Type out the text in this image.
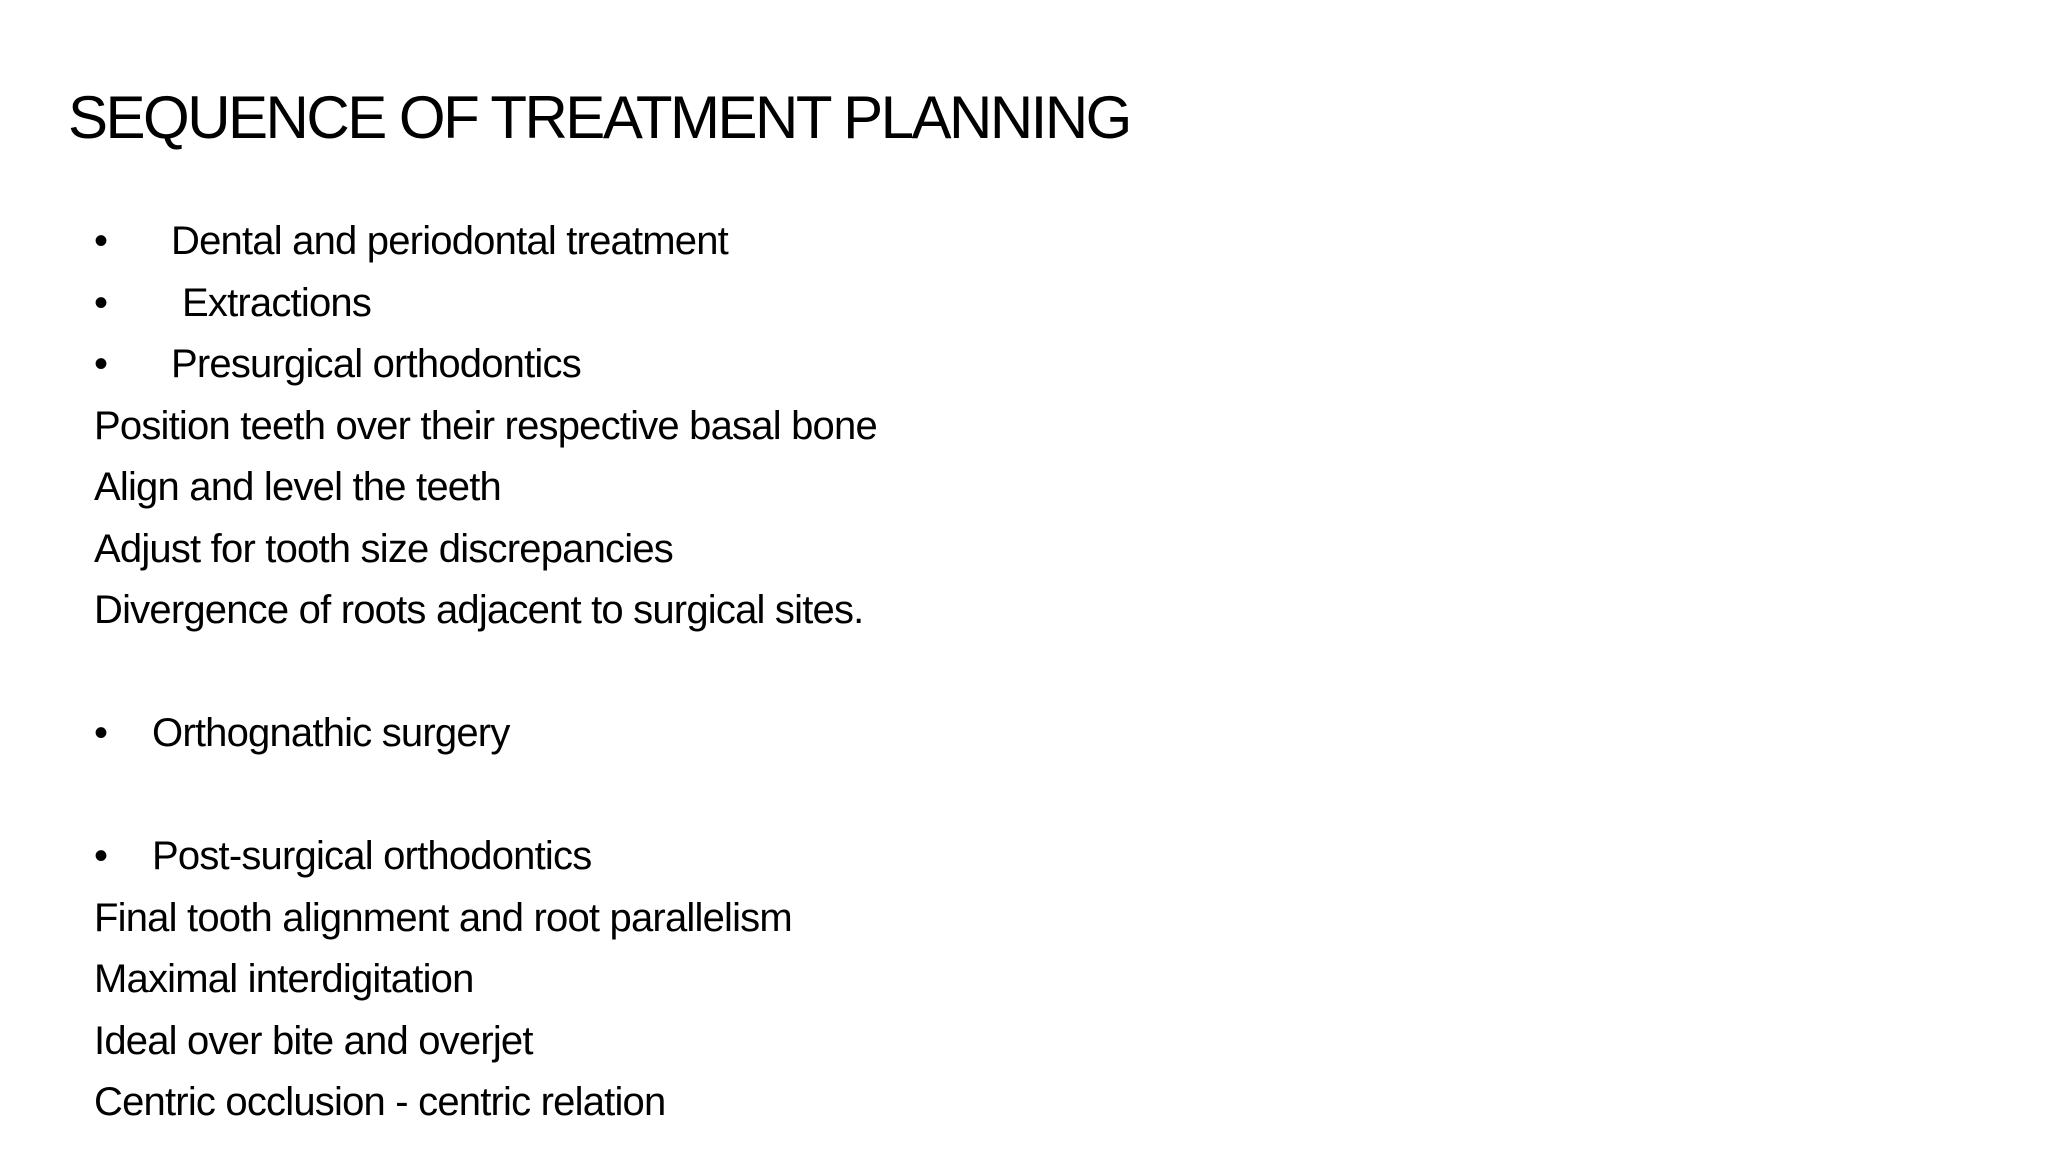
SEQUENCE OF TREATMENT PLANNING
• Dental and periodontal treatment
• Extractions
• Presurgical orthodontics
Position teeth over their respective basal bone
Align and level the teeth
Adjust for tooth size discrepancies
Divergence of roots adjacent to surgical sites.
• Orthognathic surgery
• Post-surgical orthodontics
Final tooth alignment and root parallelism
Maximal interdigitation
Ideal over bite and overjet
Centric occlusion - centric relation
